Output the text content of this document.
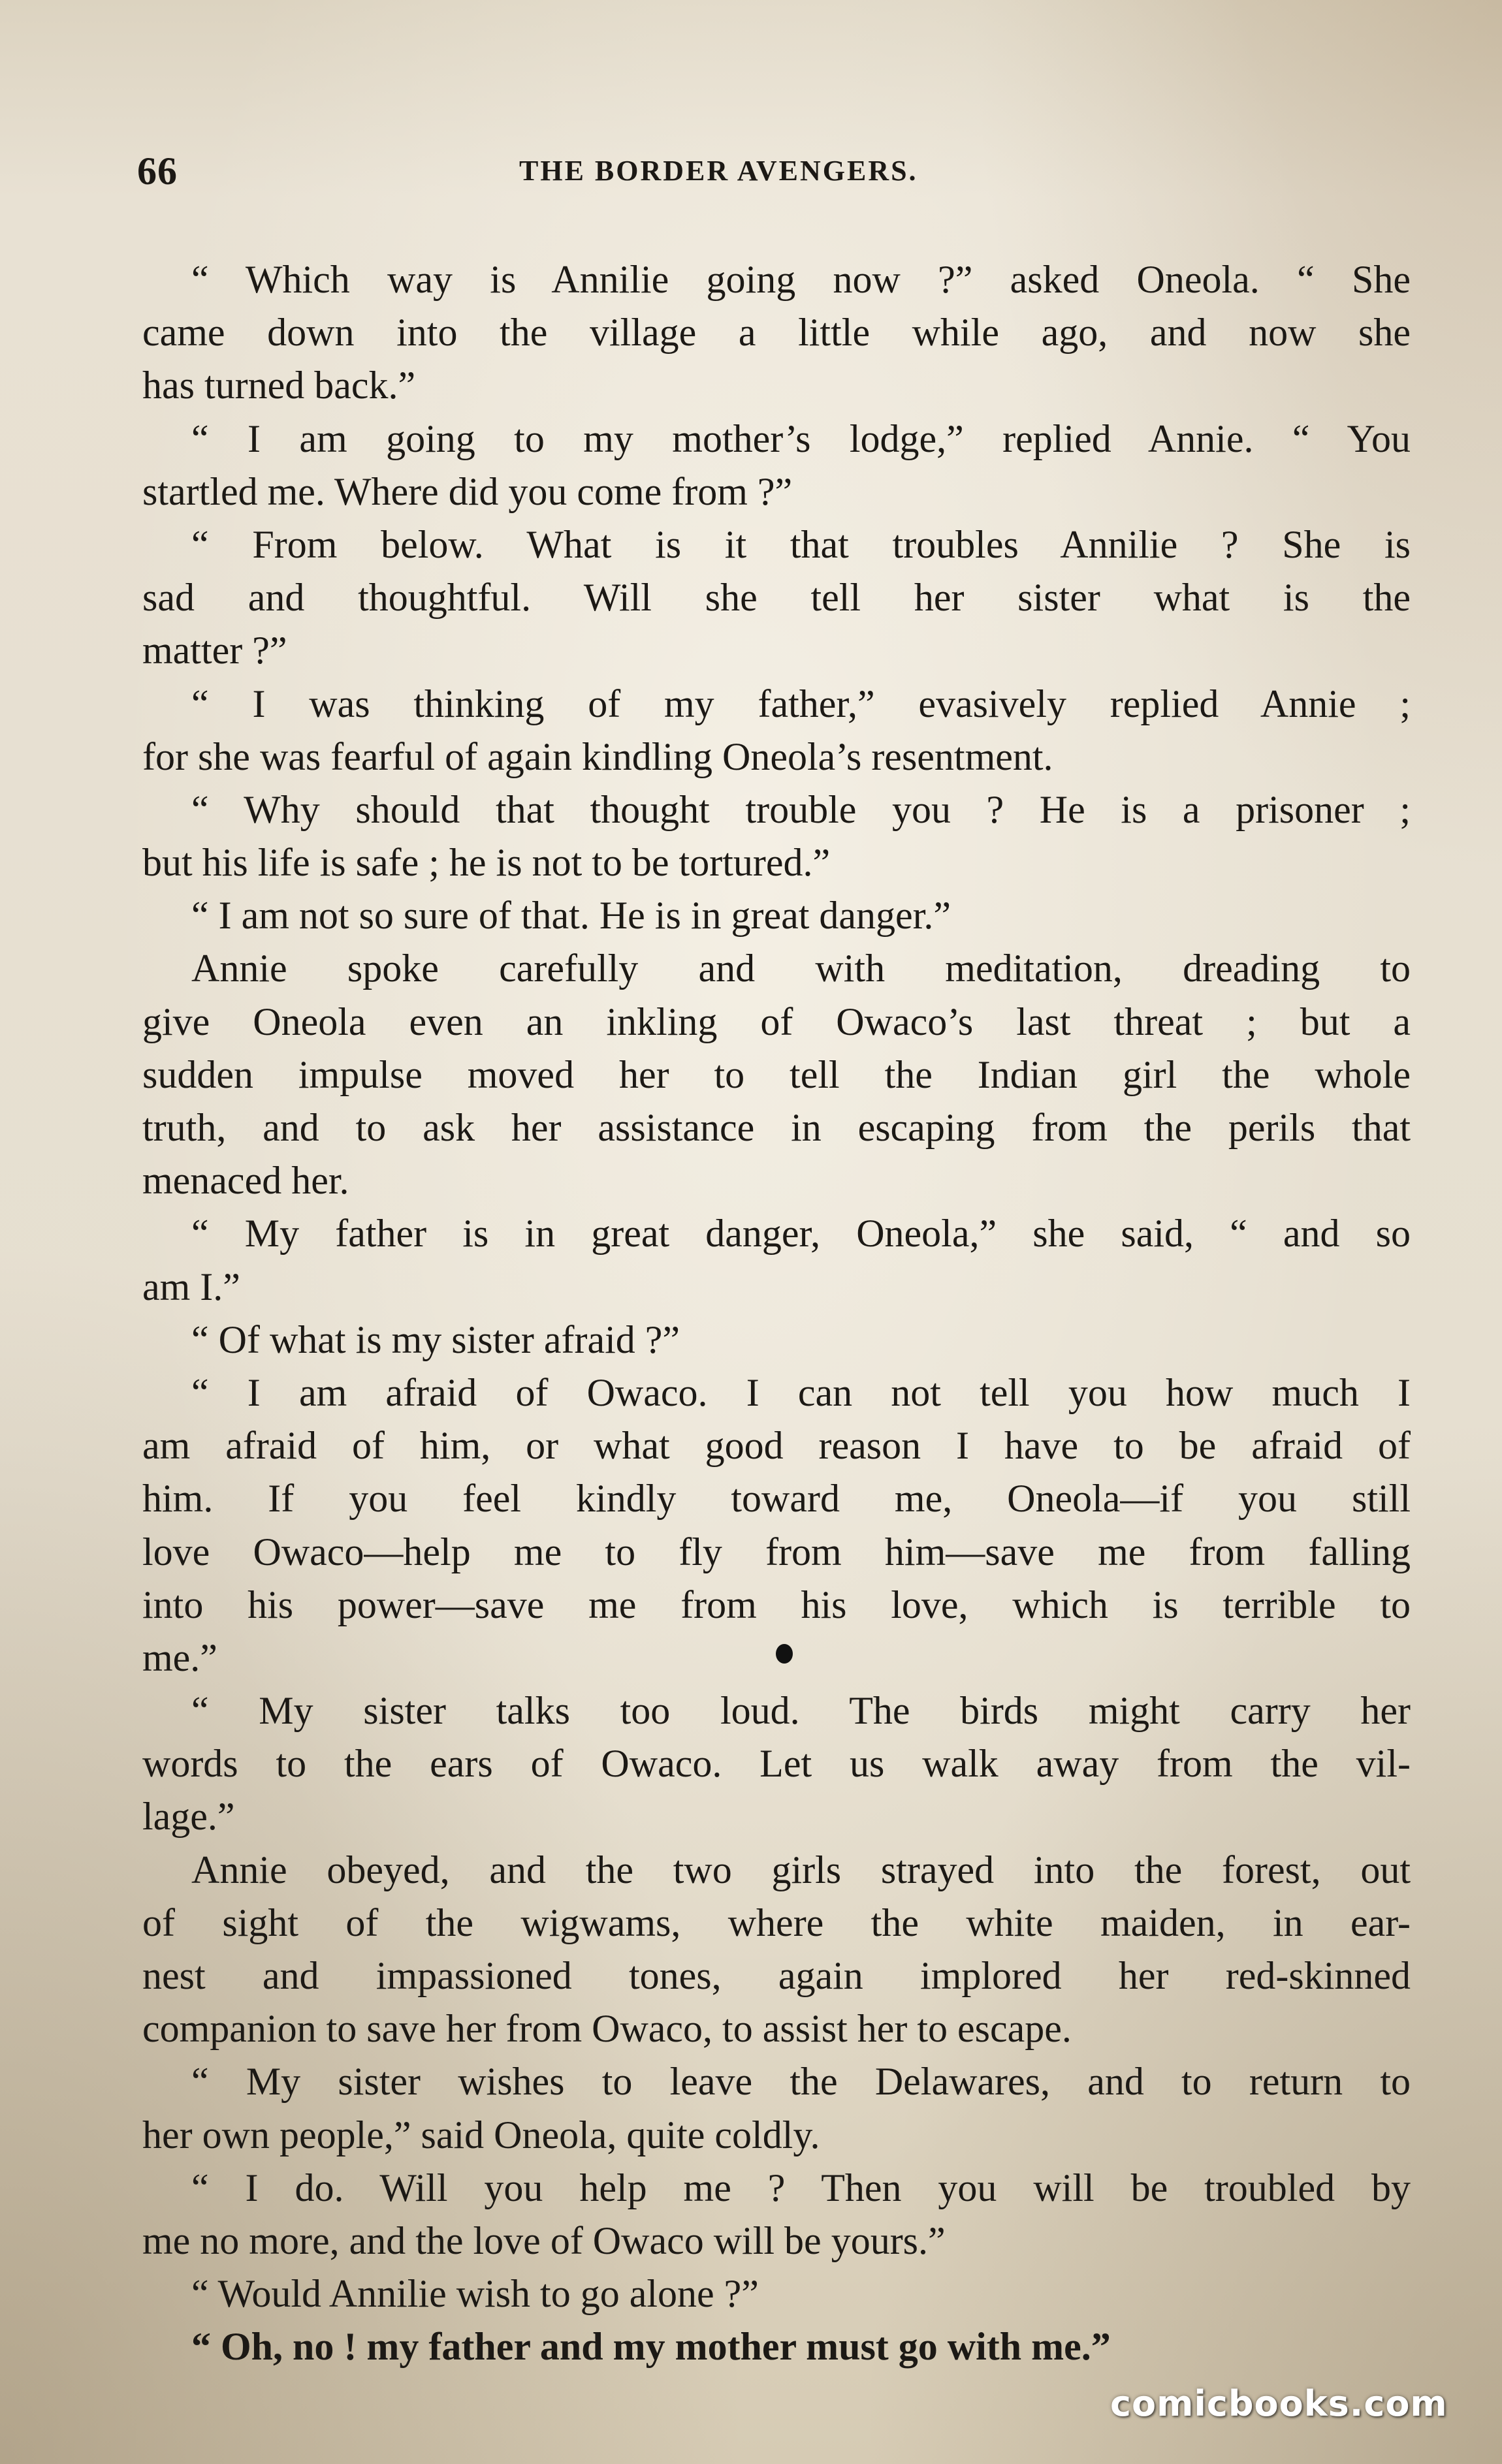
66	THE BORDER AVENGERS.
“ Which way is Annilie going now ?” asked Oneola. “ She
came down into the village a little while ago, and now she
has turned back.”
“ I am going to my mother’s lodge,” replied Annie. “ You
startled me. Where did you come from ?”
“ From below. What is it that troubles Annilie ? She is
sad and thoughtful. Will she tell her sister what is the
matter ?”
“ I was thinking of my father,” evasively replied Annie ;
for she was fearful of again kindling Oneola’s resentment.
“ Why should that thought trouble you ? He is a prisoner ;
but his life is safe ; he is not to be tortured.”
“ I am not so sure of that. He is in great danger.”
Annie spoke carefully and with meditation, dreading to
give Oneola even an inkling of Owaco’s last threat ; but a
sudden impulse moved her to tell the Indian girl the whole
truth, and to ask her assistance in escaping from the perils that
menaced her.
“ My father is in great danger, Oneola,” she said, “ and so
am I.”
“ Of what is my sister afraid ?”
“ I am afraid of Owaco. I can not tell you how much I
am afraid of him, or what good reason I have to be afraid of
him. If you feel kindly toward me, Oneola—if you still
love Owaco—help me to fly from him—save me from falling
into his power—save me from his love, which is terrible to
me.”
“ My sister talks too loud. The birds might carry her
words to the ears of Owaco. Let us walk away from the vil-
lage.”
Annie obeyed, and the two girls strayed into the forest, out
of sight of the wigwams, where the white maiden, in ear-
nest and impassioned tones, again implored her red-skinned
companion to save her from Owaco, to assist her to escape.
“ My sister wishes to leave the Delawares, and to return to
her own people,” said Oneola, quite coldly.
“ I do. Will you help me ? Then you will be troubled by
me no more, and the love of Owaco will be yours.”
“ Would Annilie wish to go alone ?”
“ Oh, no ! my father and my mother must go with me.”
comicbooks.com
